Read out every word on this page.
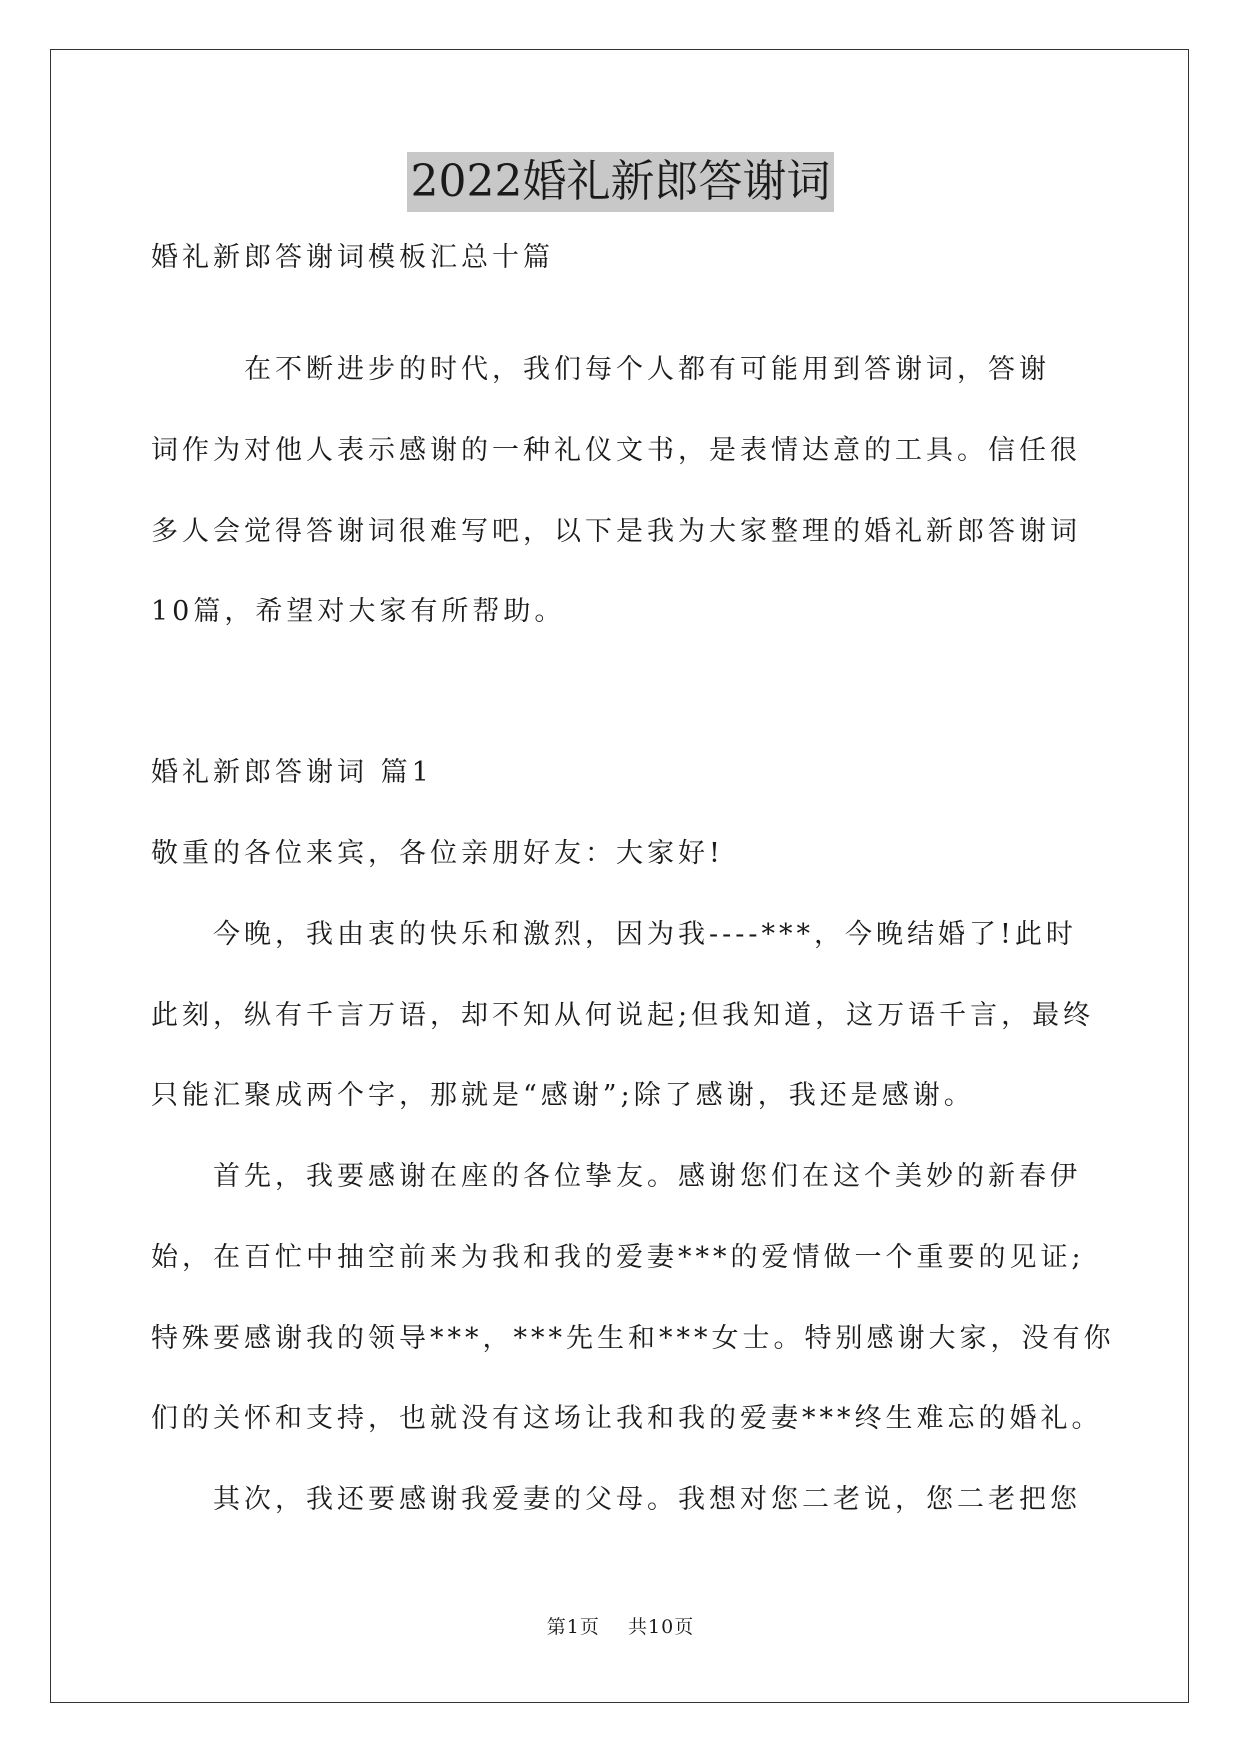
2022婚礼新郎答谢词
婚礼新郎答谢词模板汇总十篇
　　　在不断进步的时代，我们每个人都有可能用到答谢词，答谢
词作为对他人表示感谢的一种礼仪文书，是表情达意的工具。信任很
多人会觉得答谢词很难写吧，以下是我为大家整理的婚礼新郎答谢词
10篇，希望对大家有所帮助。
婚礼新郎答谢词 篇1
敬重的各位来宾，各位亲朋好友：大家好!
　　今晚，我由衷的快乐和激烈，因为我----***，今晚结婚了!此时
此刻，纵有千言万语，却不知从何说起;但我知道，这万语千言，最终
只能汇聚成两个字，那就是“感谢”;除了感谢，我还是感谢。
　　首先，我要感谢在座的各位挚友。感谢您们在这个美妙的新春伊
始，在百忙中抽空前来为我和我的爱妻***的爱情做一个重要的见证;
特殊要感谢我的领导***，***先生和***女士。特别感谢大家，没有你
们的关怀和支持，也就没有这场让我和我的爱妻***终生难忘的婚礼。
　　其次，我还要感谢我爱妻的父母。我想对您二老说，您二老把您
第1页 共10页
